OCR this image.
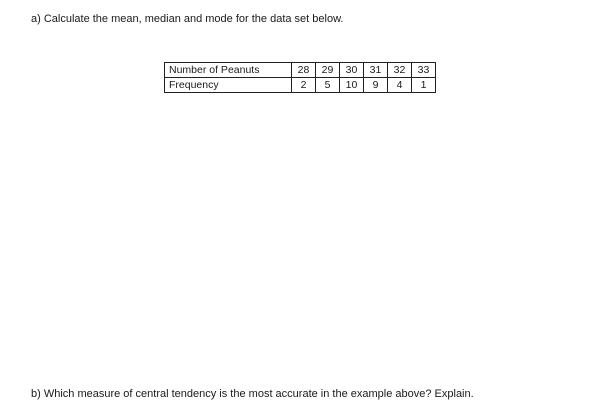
a) Calculate the mean, median and mode for the data set below.
Number of Peanuts	28	29	30	31	32	33
Frequency	2	5	10	9	4	1
b) Which measure of central tendency is the most accurate in the example above? Explain.
